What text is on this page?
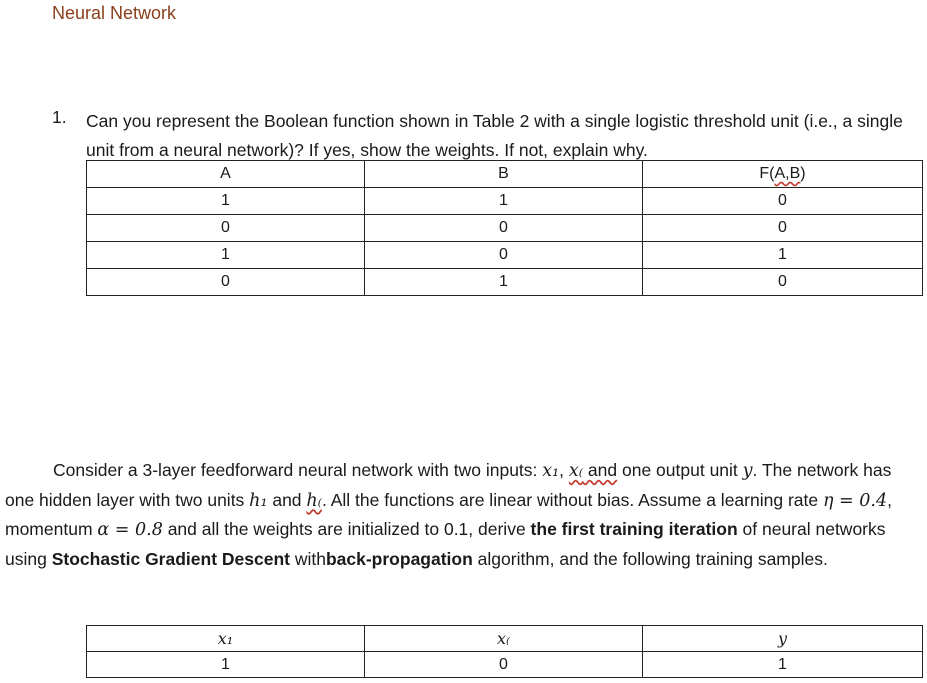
Neural Network
1. Can you represent the Boolean function shown in Table 2 with a single logistic threshold unit (i.e., a single unit from a neural network)? If yes, show the weights. If not, explain why.
A	B	F(A,B)
1	1	0
0	0	0
1	0	1
0	1	0
Consider a 3-layer feedforward neural network with two inputs: x₁, x₍ and one output unit y. The network has one hidden layer with two units h₁ and h₍. All the functions are linear without bias. Assume a learning rate η = 0.4, momentum α = 0.8 and all the weights are initialized to 0.1, derive the first training iteration of neural networks using Stochastic Gradient Descent withback-propagation algorithm, and the following training samples.
x₁	x₍	y
1	0	1
